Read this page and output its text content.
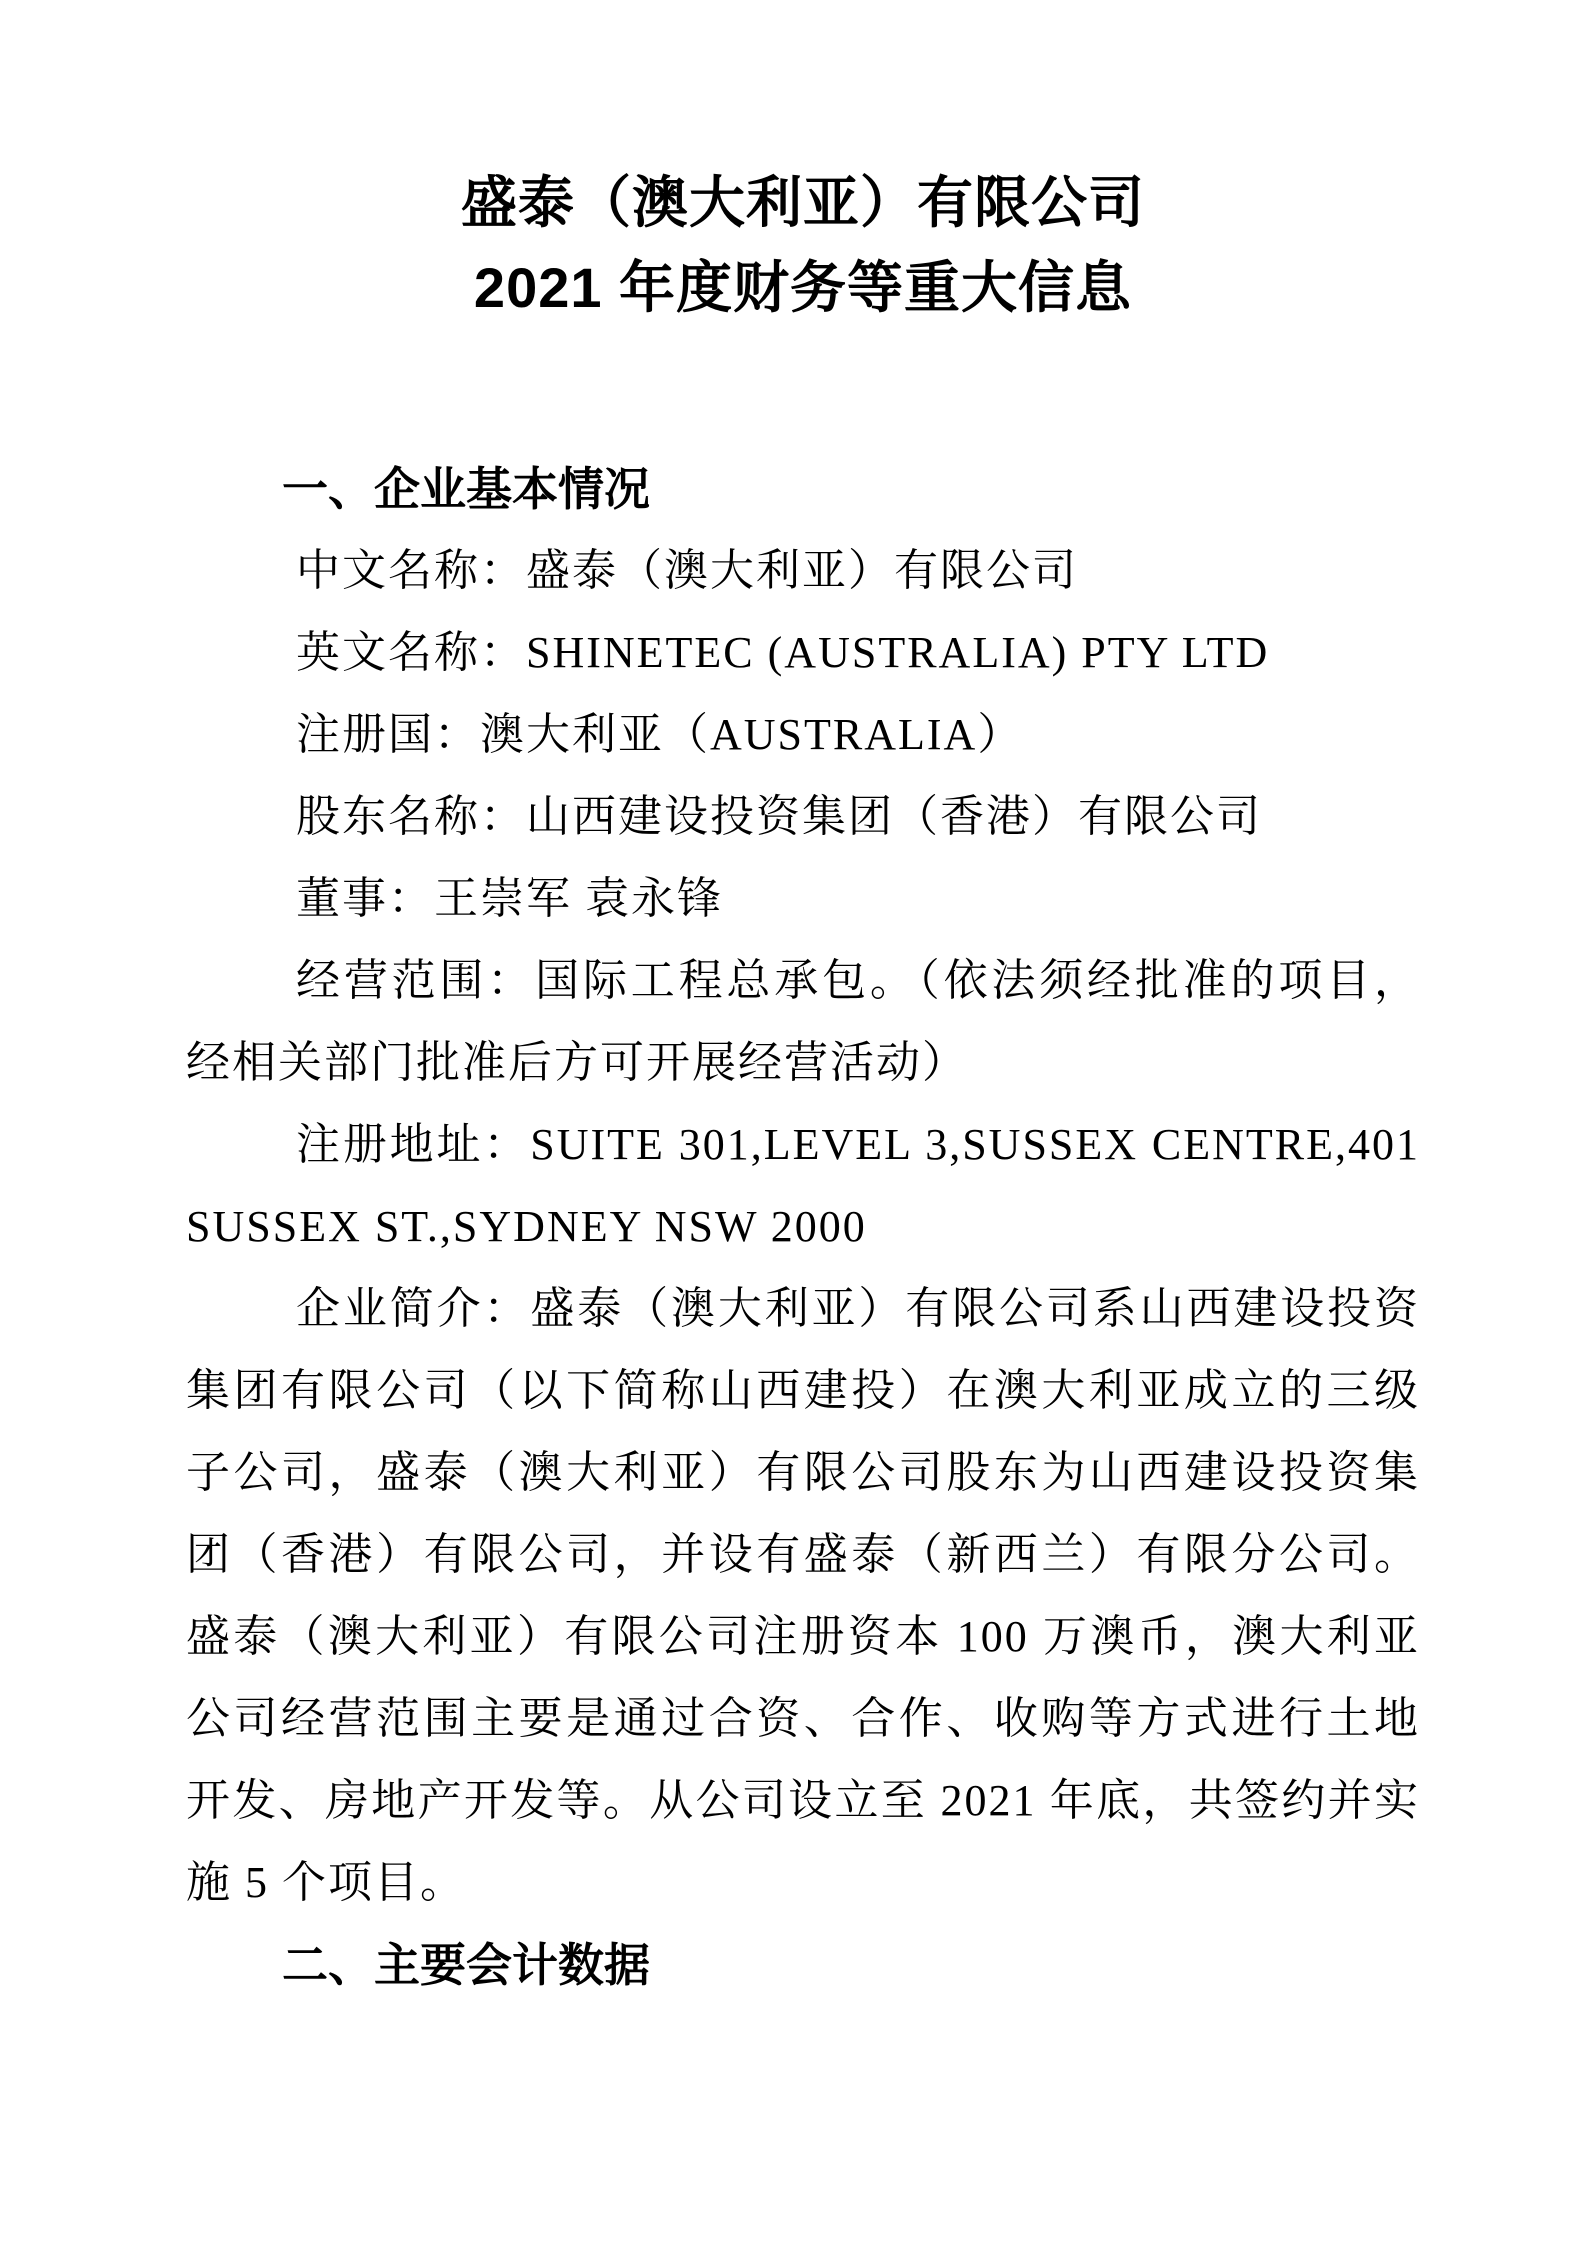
盛泰（澳大利亚）有限公司
2021 年度财务等重大信息
一、企业基本情况

中文名称：盛泰（澳大利亚）有限公司

英文名称：SHINETEC (AUSTRALIA) PTY LTD

注册国：澳大利亚（AUSTRALIA）

股东名称：山西建设投资集团（香港）有限公司

董事：王崇军 袁永锋

经营范围：国际工程总承包。（依法须经批准的项目，经相关部门批准后方可开展经营活动）

注册地址：SUITE 301,LEVEL 3,SUSSEX CENTRE,401 SUSSEX ST.,SYDNEY NSW 2000

企业简介：盛泰（澳大利亚）有限公司系山西建设投资集团有限公司（以下简称山西建投）在澳大利亚成立的三级子公司，盛泰（澳大利亚）有限公司股东为山西建设投资集团（香港）有限公司，并设有盛泰（新西兰）有限分公司。盛泰（澳大利亚）有限公司注册资本 100 万澳币，澳大利亚公司经营范围主要是通过合资、合作、收购等方式进行土地开发、房地产开发等。从公司设立至 2021 年底，共签约并实施 5 个项目。

二、主要会计数据
